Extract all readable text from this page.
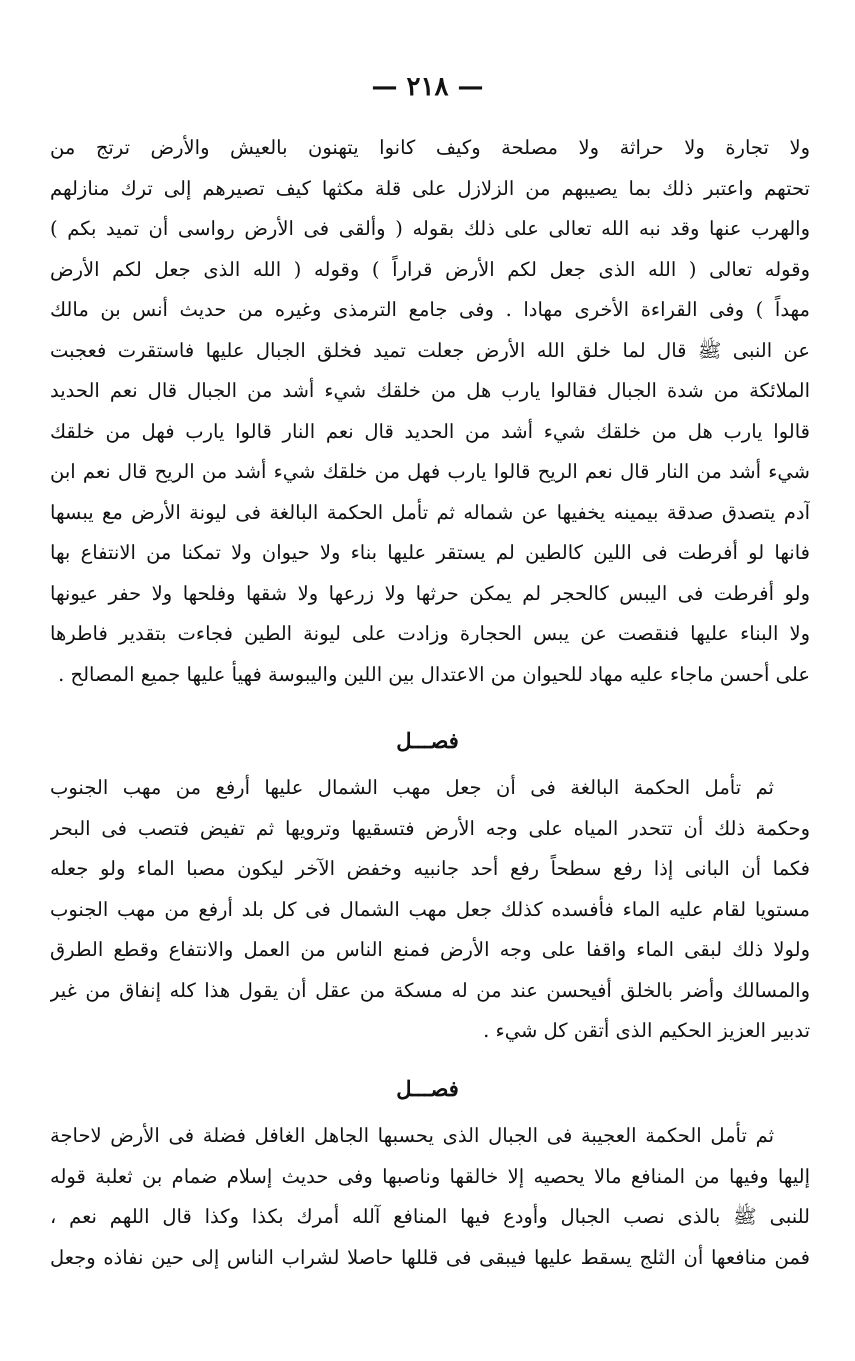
— ٢١٨ —
ولا تجارة ولا حراثة ولا مصلحة وكيف كانوا يتهنون بالعيش والأرض ترتج من
تحتهم واعتبر ذلك بما يصيبهم من الزلازل على قلة مكثها كيف تصيرهم إلى ترك منازلهم
والهرب عنها وقد نبه الله تعالى على ذلك بقوله ( وألقى فى الأرض رواسى أن تميد بكم )
وقوله تعالى ( الله الذى جعل لكم الأرض قراراً ) وقوله ( الله الذى جعل لكم الأرض
مهداً ) وفى القراءة الأخرى مهادا . وفى جامع الترمذى وغيره من حديث أنس بن مالك
عن النبى ﷺ قال لما خلق الله الأرض جعلت تميد فخلق الجبال عليها فاستقرت فعجبت
الملائكة من شدة الجبال فقالوا يارب هل من خلقك شيء أشد من الجبال قال نعم الحديد
قالوا يارب هل من خلقك شيء أشد من الحديد قال نعم النار قالوا يارب فهل من خلقك
شيء أشد من النار قال نعم الريح قالوا يارب فهل من خلقك شيء أشد من الريح قال نعم ابن
آدم يتصدق صدقة بيمينه يخفيها عن شماله ثم تأمل الحكمة البالغة فى ليونة الأرض مع يبسها
فانها لو أفرطت فى اللين كالطين لم يستقر عليها بناء ولا حيوان ولا تمكنا من الانتفاع بها
ولو أفرطت فى اليبس كالحجر لم يمكن حرثها ولا زرعها ولا شقها وفلحها ولا حفر عيونها
ولا البناء عليها فنقصت عن يبس الحجارة وزادت على ليونة الطين فجاءت بتقدير فاطرها
على أحسن ماجاء عليه مهاد للحيوان من الاعتدال بين اللين واليبوسة فهيأ عليها جميع المصالح .
فصـــل
ثم تأمل الحكمة البالغة فى أن جعل مهب الشمال عليها أرفع من مهب الجنوب
وحكمة ذلك أن تتحدر المياه على وجه الأرض فتسقيها وترويها ثم تفيض فتصب فى البحر
فكما أن البانى إذا رفع سطحاً رفع أحد جانبيه وخفض الآخر ليكون مصبا الماء ولو جعله
مستويا لقام عليه الماء فأفسده كذلك جعل مهب الشمال فى كل بلد أرفع من مهب الجنوب
ولولا ذلك لبقى الماء واقفا على وجه الأرض فمنع الناس من العمل والانتفاع وقطع الطرق
والمسالك وأضر بالخلق أفيحسن عند من له مسكة من عقل أن يقول هذا كله إنفاق من غير
تدبير العزيز الحكيم الذى أتقن كل شيء .
فصـــل
ثم تأمل الحكمة العجيبة فى الجبال الذى يحسبها الجاهل الغافل فضلة فى الأرض لاحاجة
إليها وفيها من المنافع مالا يحصيه إلا خالقها وناصبها وفى حديث إسلام ضمام بن ثعلبة قوله
للنبى ﷺ بالذى نصب الجبال وأودع فيها المنافع آلله أمرك بكذا وكذا قال اللهم نعم ،
فمن منافعها أن الثلج يسقط عليها فيبقى فى قللها حاصلا لشراب الناس إلى حين نفاذه وجعل
